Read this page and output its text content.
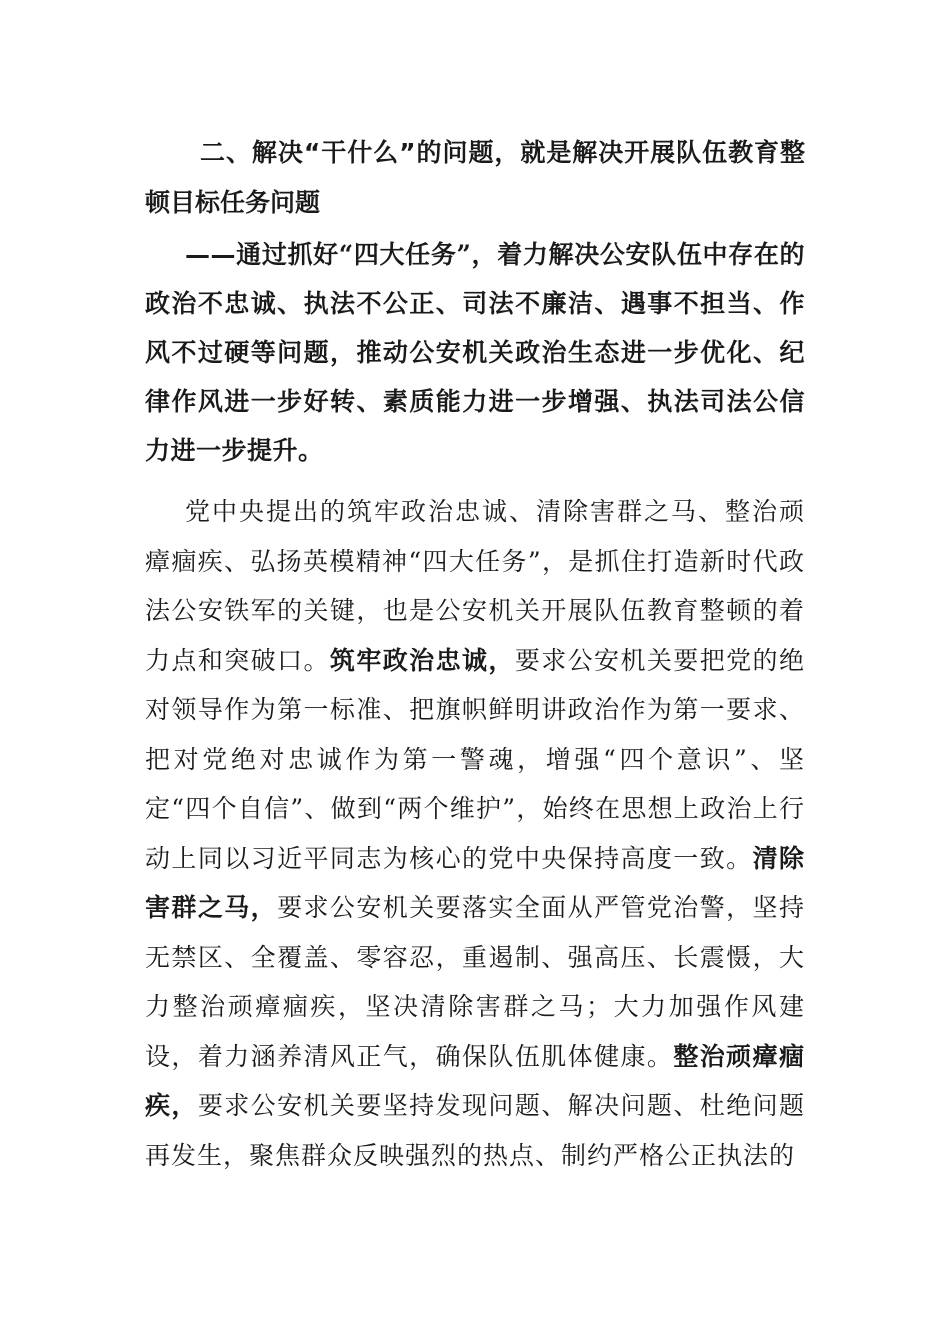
二、解决“干什么”的问题，就是解决开展队伍教育整顿目标任务问题

——通过抓好“四大任务”，着力解决公安队伍中存在的政治不忠诚、执法不公正、司法不廉洁、遇事不担当、作风不过硬等问题，推动公安机关政治生态进一步优化、纪律作风进一步好转、素质能力进一步增强、执法司法公信力进一步提升。

党中央提出的筑牢政治忠诚、清除害群之马、整治顽瘴痼疾、弘扬英模精神“四大任务”，是抓住打造新时代政法公安铁军的关键，也是公安机关开展队伍教育整顿的着力点和突破口。筑牢政治忠诚，要求公安机关要把党的绝对领导作为第一标准、把旗帜鲜明讲政治作为第一要求、把对党绝对忠诚作为第一警魂，增强“四个意识”、坚定“四个自信”、做到“两个维护”，始终在思想上政治上行动上同以习近平同志为核心的党中央保持高度一致。清除害群之马，要求公安机关要落实全面从严管党治警，坚持无禁区、全覆盖、零容忍，重遏制、强高压、长震慑，大力整治顽瘴痼疾，坚决清除害群之马；大力加强作风建设，着力涵养清风正气，确保队伍肌体健康。整治顽瘴痼疾，要求公安机关要坚持发现问题、解决问题、杜绝问题再发生，聚焦群众反映强烈的热点、制约严格公正执法的
